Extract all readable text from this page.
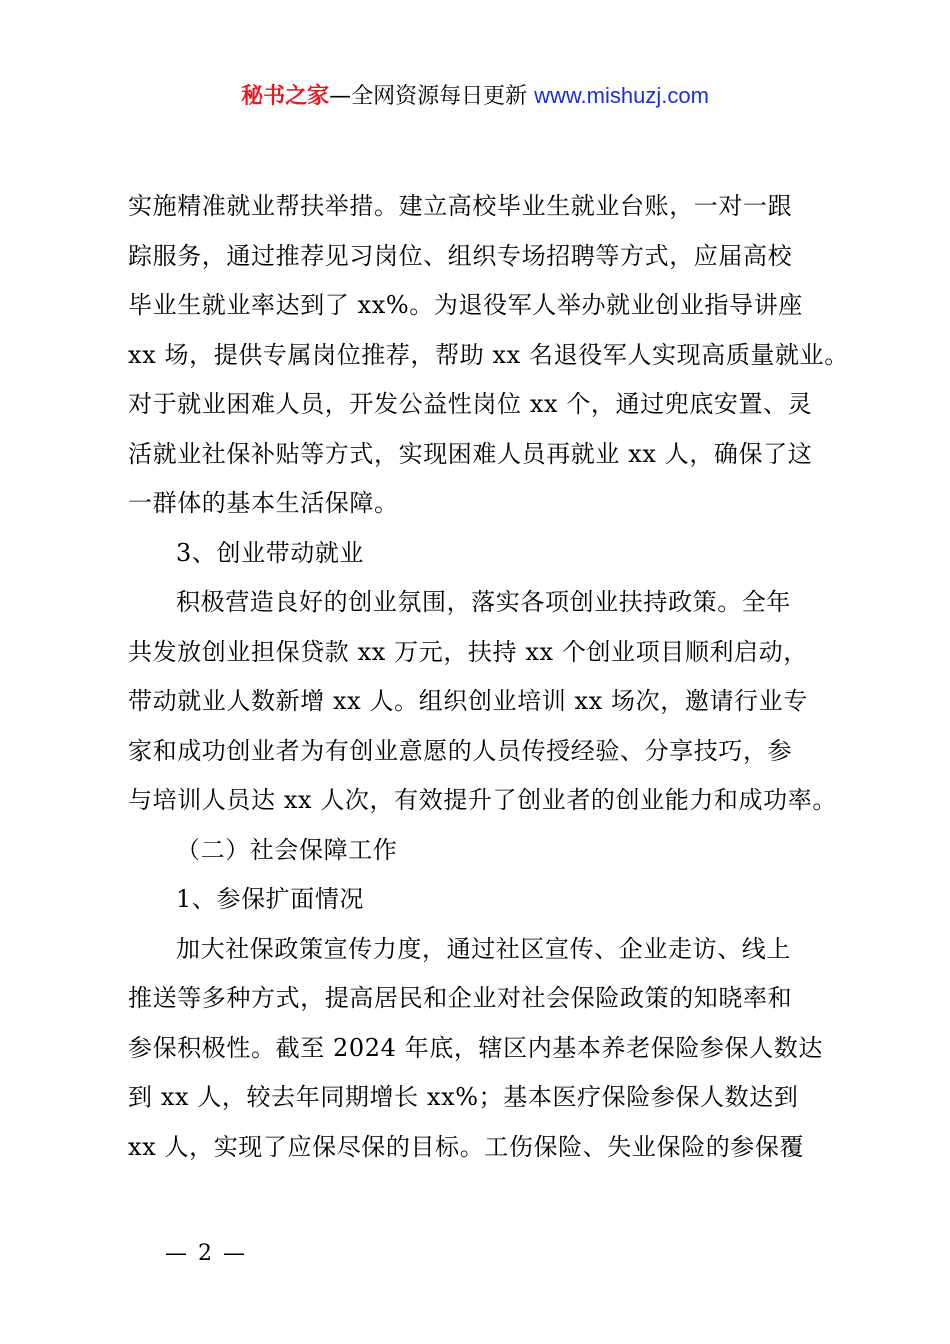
秘书之家—全网资源每日更新 www.mishuzj.com
实施精准就业帮扶举措。建立高校毕业生就业台账，一对一跟
踪服务，通过推荐见习岗位、组织专场招聘等方式，应届高校
毕业生就业率达到了 xx%。为退役军人举办就业创业指导讲座
xx 场，提供专属岗位推荐，帮助 xx 名退役军人实现高质量就业。
对于就业困难人员，开发公益性岗位 xx 个，通过兜底安置、灵
活就业社保补贴等方式，实现困难人员再就业 xx 人，确保了这
一群体的基本生活保障。
3、创业带动就业
积极营造良好的创业氛围，落实各项创业扶持政策。全年
共发放创业担保贷款 xx 万元，扶持 xx 个创业项目顺利启动，
带动就业人数新增 xx 人。组织创业培训 xx 场次，邀请行业专
家和成功创业者为有创业意愿的人员传授经验、分享技巧，参
与培训人员达 xx 人次，有效提升了创业者的创业能力和成功率。
（二）社会保障工作
1、参保扩面情况
加大社保政策宣传力度，通过社区宣传、企业走访、线上
推送等多种方式，提高居民和企业对社会保险政策的知晓率和
参保积极性。截至 2024 年底，辖区内基本养老保险参保人数达
到 xx 人，较去年同期增长 xx%；基本医疗保险参保人数达到
xx 人，实现了应保尽保的目标。工伤保险、失业保险的参保覆
— 2 —
